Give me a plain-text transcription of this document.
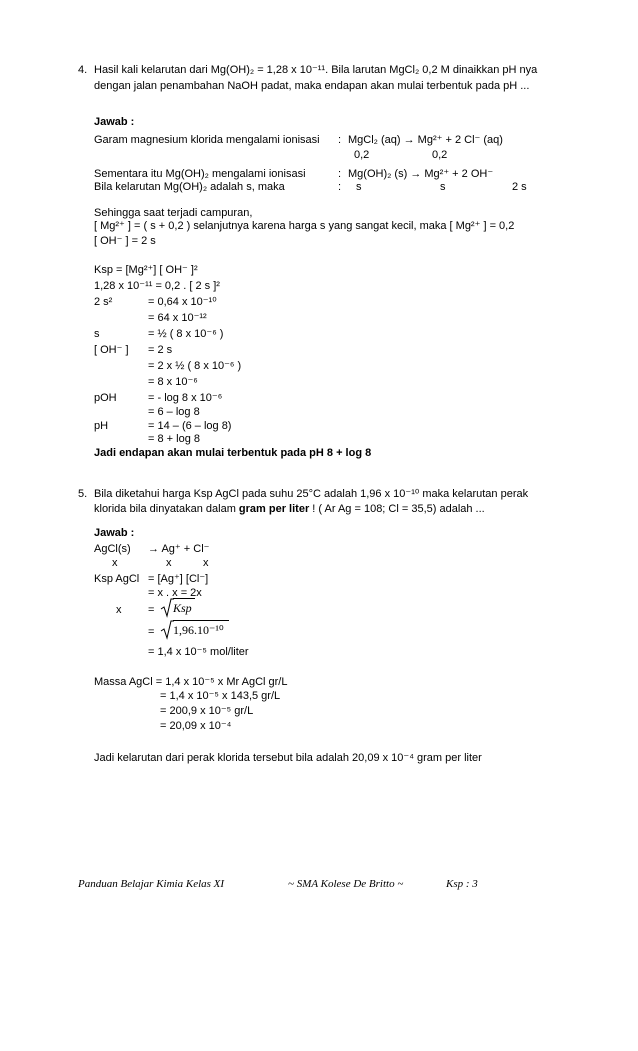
4. Hasil kali kelarutan dari Mg(OH)₂ = 1,28 x 10⁻¹¹. Bila larutan MgCl₂ 0,2 M dinaikkan pH nya
dengan jalan penambahan NaOH padat, maka endapan akan mulai terbentuk pada pH ...
Jawab :
Garam magnesium klorida mengalami ionisasi : MgCl₂ (aq) → Mg²⁺ + 2 Cl⁻ (aq)
0,2	0,2
Sementara itu Mg(OH)₂ mengalami ionisasi	: Mg(OH)₂ (s) → Mg²⁺ + 2 OH⁻
Bila kelarutan Mg(OH)₂ adalah s, maka	: s	s	2 s
Sehingga saat terjadi campuran,
[ Mg²⁺ ] = ( s + 0,2 ) selanjutnya karena harga s yang sangat kecil, maka [ Mg²⁺ ] = 0,2
[ OH⁻ ] = 2 s
Ksp = [Mg²⁺] [ OH⁻ ]²
1,28 x 10⁻¹¹ = 0,2 . [ 2 s ]²
2 s²	= 0,64 x 10⁻¹⁰
= 64 x 10⁻¹²
s	= ½ ( 8 x 10⁻⁶ )
[ OH⁻ ] = 2 s
= 2 x ½ ( 8 x 10⁻⁶ )
= 8 x 10⁻⁶
pOH	= - log 8 x 10⁻⁶
= 6 – log 8
pH	= 14 – (6 – log 8)
= 8 + log 8
Jadi endapan akan mulai terbentuk pada pH 8 + log 8
5. Bila diketahui harga Ksp AgCl pada suhu 25°C adalah 1,96 x 10⁻¹⁰ maka kelarutan perak
klorida bila dinyatakan dalam gram per liter ! ( Ar Ag = 108; Cl = 35,5) adalah ...
Jawab :
AgCl(s) → Ag⁺ + Cl⁻
x	x	x
Ksp AgCl = [Ag⁺] [Cl⁻]
= x . x = 2x
x = Ksp
= 1,96.10⁻¹⁰
= 1,4 x 10⁻⁵ mol/liter
Massa AgCl = 1,4 x 10⁻⁵ x Mr AgCl gr/L
= 1,4 x 10⁻⁵ x 143,5 gr/L
= 200,9 x 10⁻⁵ gr/L
= 20,09 x 10⁻⁴
Jadi kelarutan dari perak klorida tersebut bila adalah 20,09 x 10⁻⁴ gram per liter
Panduan Belajar Kimia Kelas XI	~ SMA Kolese De Britto ~	Ksp : 3
